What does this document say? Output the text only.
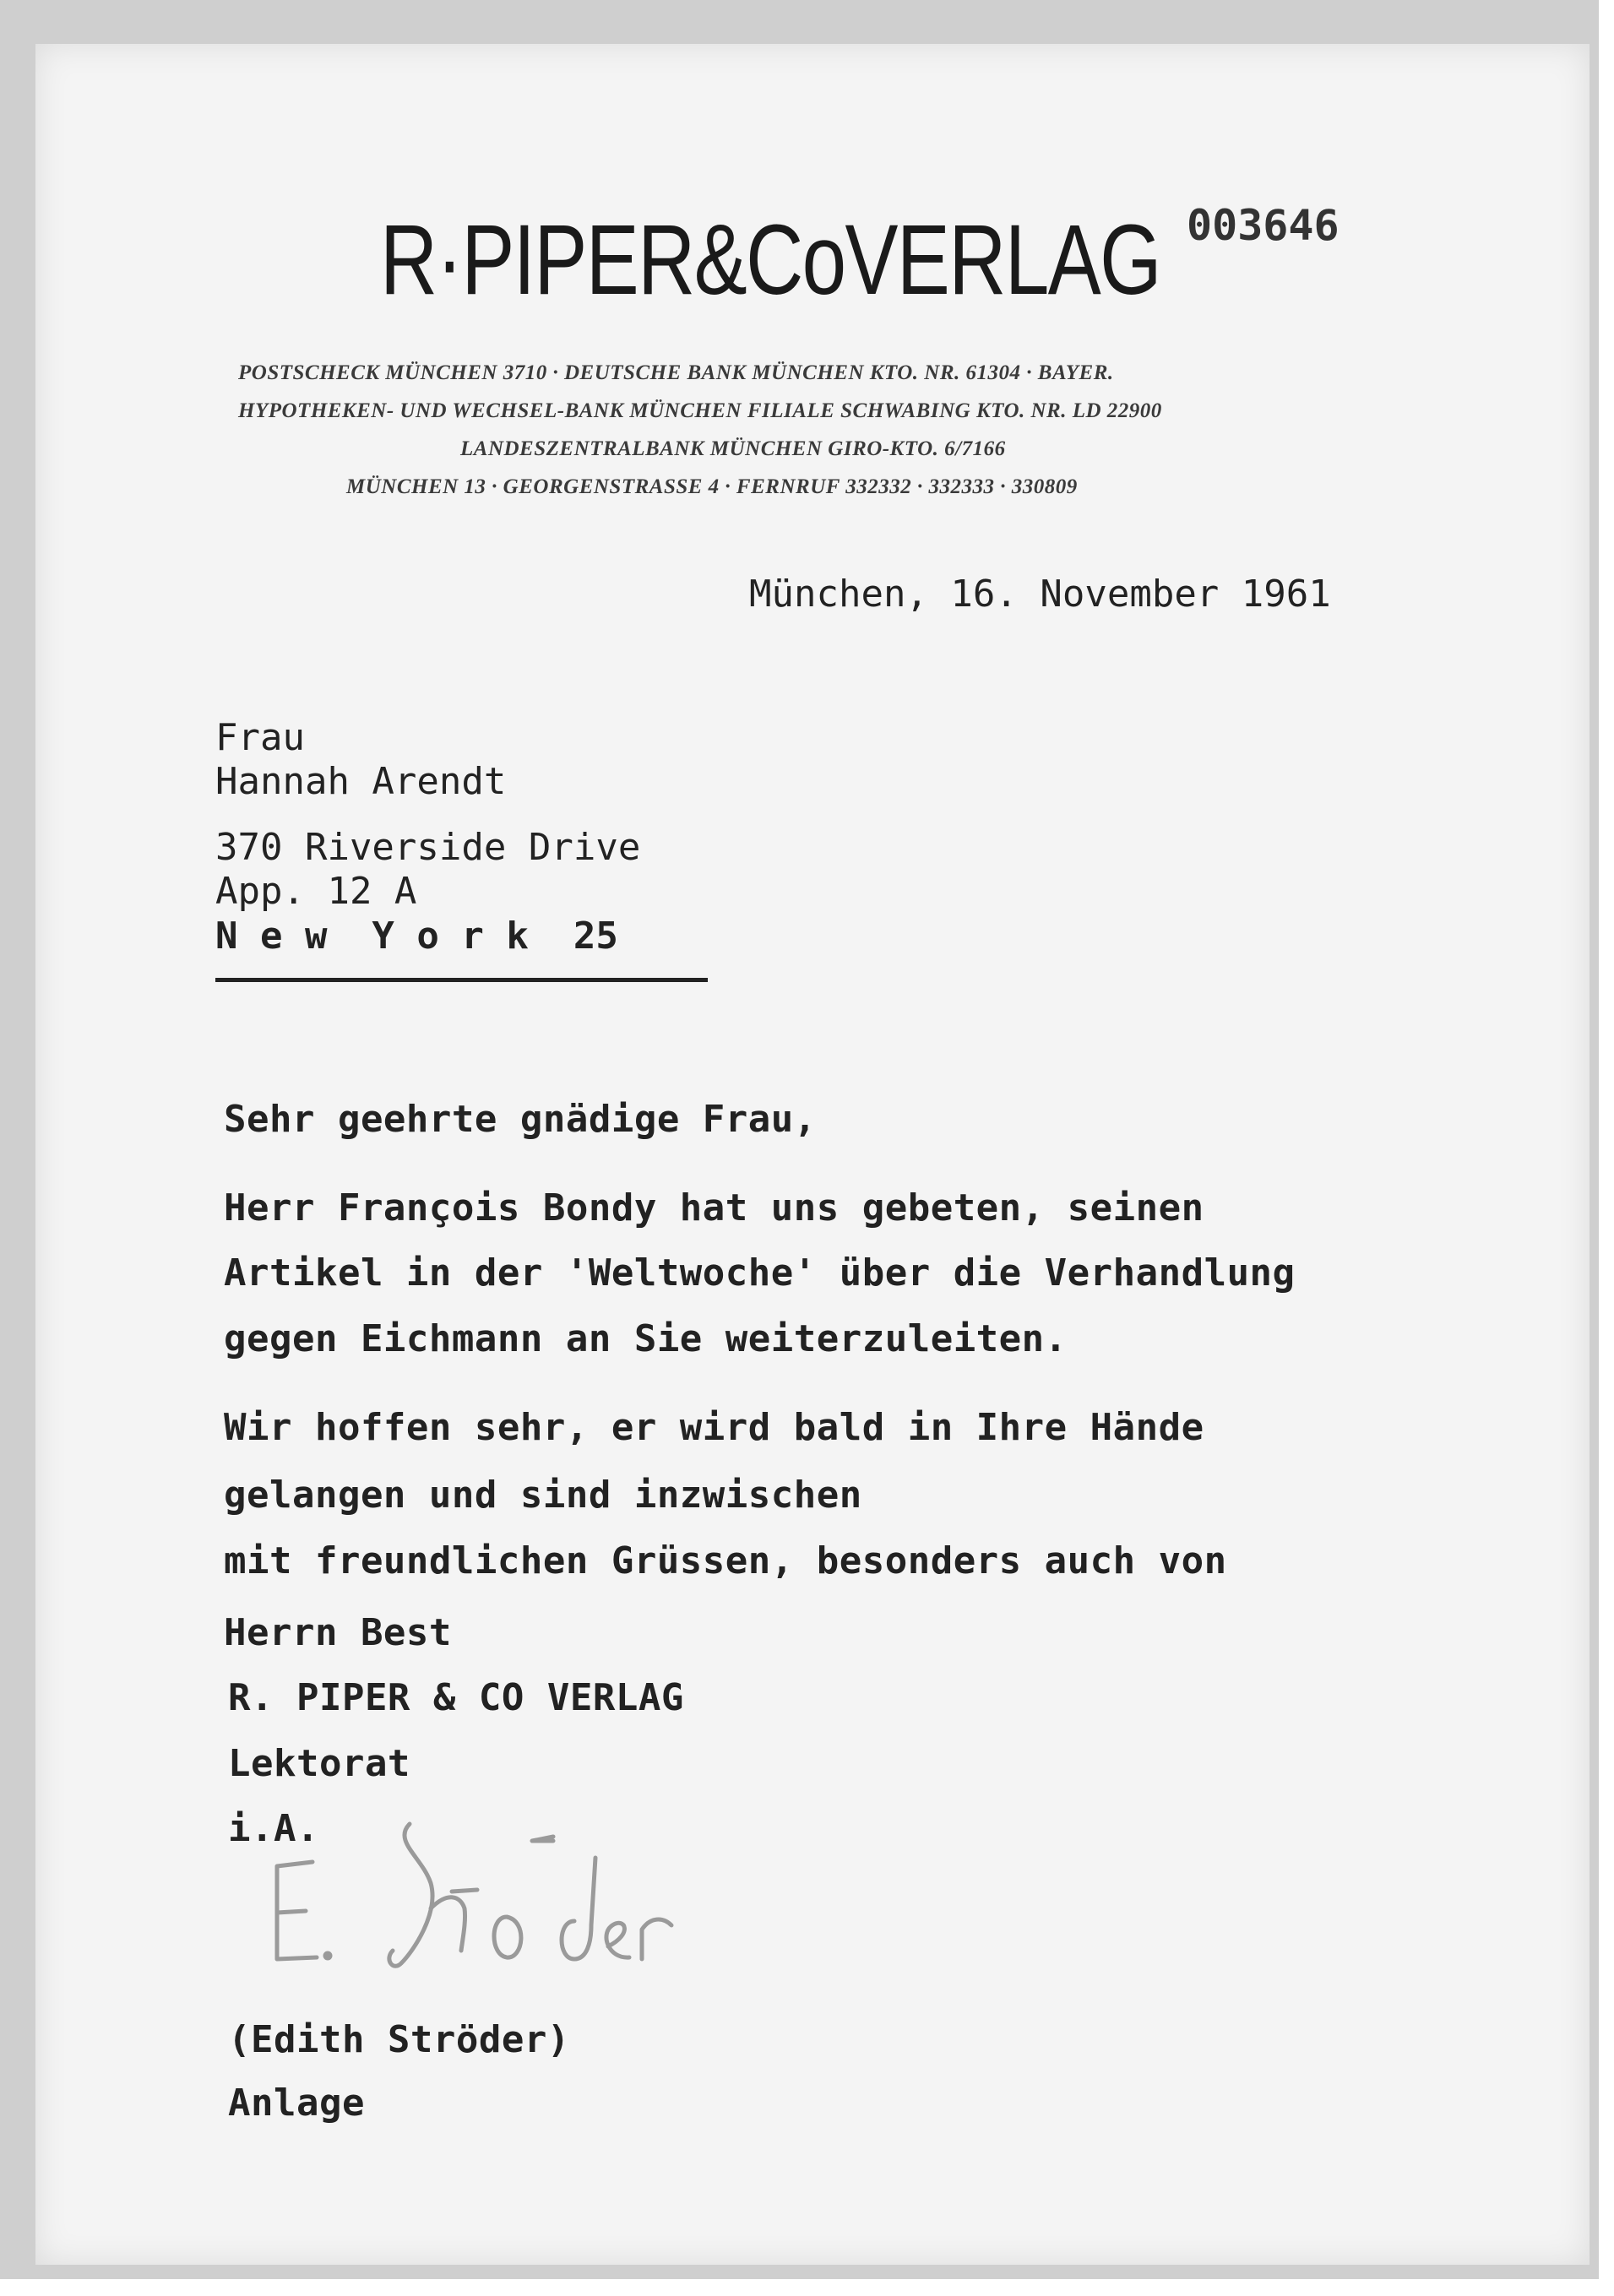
R·PIPER&CoVERLAG 003646
POSTSCHECK MÜNCHEN 3710 · DEUTSCHE BANK MÜNCHEN KTO. NR. 61304 · BAYER.
HYPOTHEKEN- UND WECHSEL-BANK MÜNCHEN FILIALE SCHWABING KTO. NR. LD 22900
LANDESZENTRALBANK MÜNCHEN GIRO-KTO. 6/7166
MÜNCHEN 13 · GEORGENSTRASSE 4 · FERNRUF 332332 · 332333 · 330809
München, 16. November 1961
Frau
Hannah Arendt
370 Riverside Drive
App. 12 A
N e w  Y o r k  25
Sehr geehrte gnädige Frau,
Herr François Bondy hat uns gebeten, seinen
Artikel in der 'Weltwoche' über die Verhandlung
gegen Eichmann an Sie weiterzuleiten.
Wir hoffen sehr, er wird bald in Ihre Hände
gelangen und sind inzwischen
mit freundlichen Grüssen, besonders auch von
Herrn Best
R. PIPER & CO VERLAG
Lektorat
i.A.
(Edith Ströder)
Anlage
